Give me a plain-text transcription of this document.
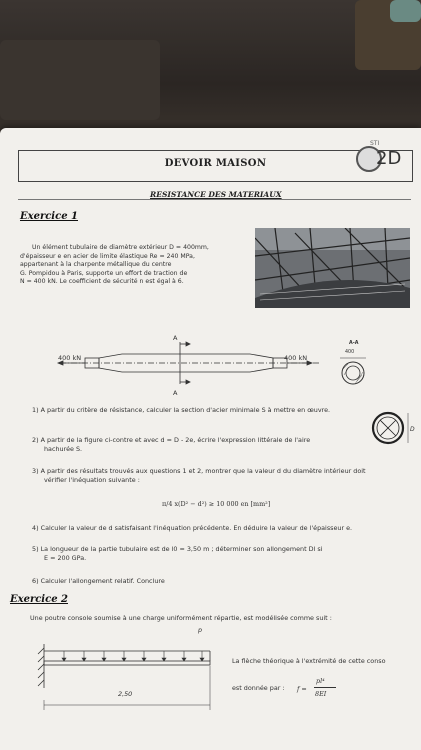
DEVOIR MAISON
STI
2D
RESISTANCE DES MATERIAUX
Exercice 1
Un élément tubulaire de diamètre extérieur D = 400mm,
d'épaisseur e en acier de limite élastique Re = 240 MPa,
appartenant à la charpente métallique du centre
G. Pompidou à Paris, supporte un effort de traction de
N = 400 kN. Le coefficient de sécurité n est égal à 6.
400 kN	400 kN
A
A
A-A
400
1) A partir du critère de résistance, calculer la section d'acier minimale S à mettre en œuvre.
2) A partir de la figure ci-contre et avec d = D - 2e, écrire l'expression littérale de l'aire
hachurée S.
D
3) A partir des résultats trouvés aux questions 1 et 2, montrer que la valeur d du diamètre intérieur doit
vérifier l'inéquation suivante :
π/4 x(D² − d²) ≥ 10 000 en [mm²]
4) Calculer la valeur de d satisfaisant l'inéquation précédente. En déduire la valeur de l'épaisseur e.
5) La longueur de la partie tubulaire est de l0 = 3,50 m ; déterminer son allongement Dl si
E = 200 GPa.
6) Calculer l'allongement relatif. Conclure
Exercice 2
Une poutre console soumise à une charge uniformément répartie, est modélisée comme suit :
p
2,50
La flèche théorique à l'extrémité de cette conso
est donnée par : f =
pl⁴
8EI
